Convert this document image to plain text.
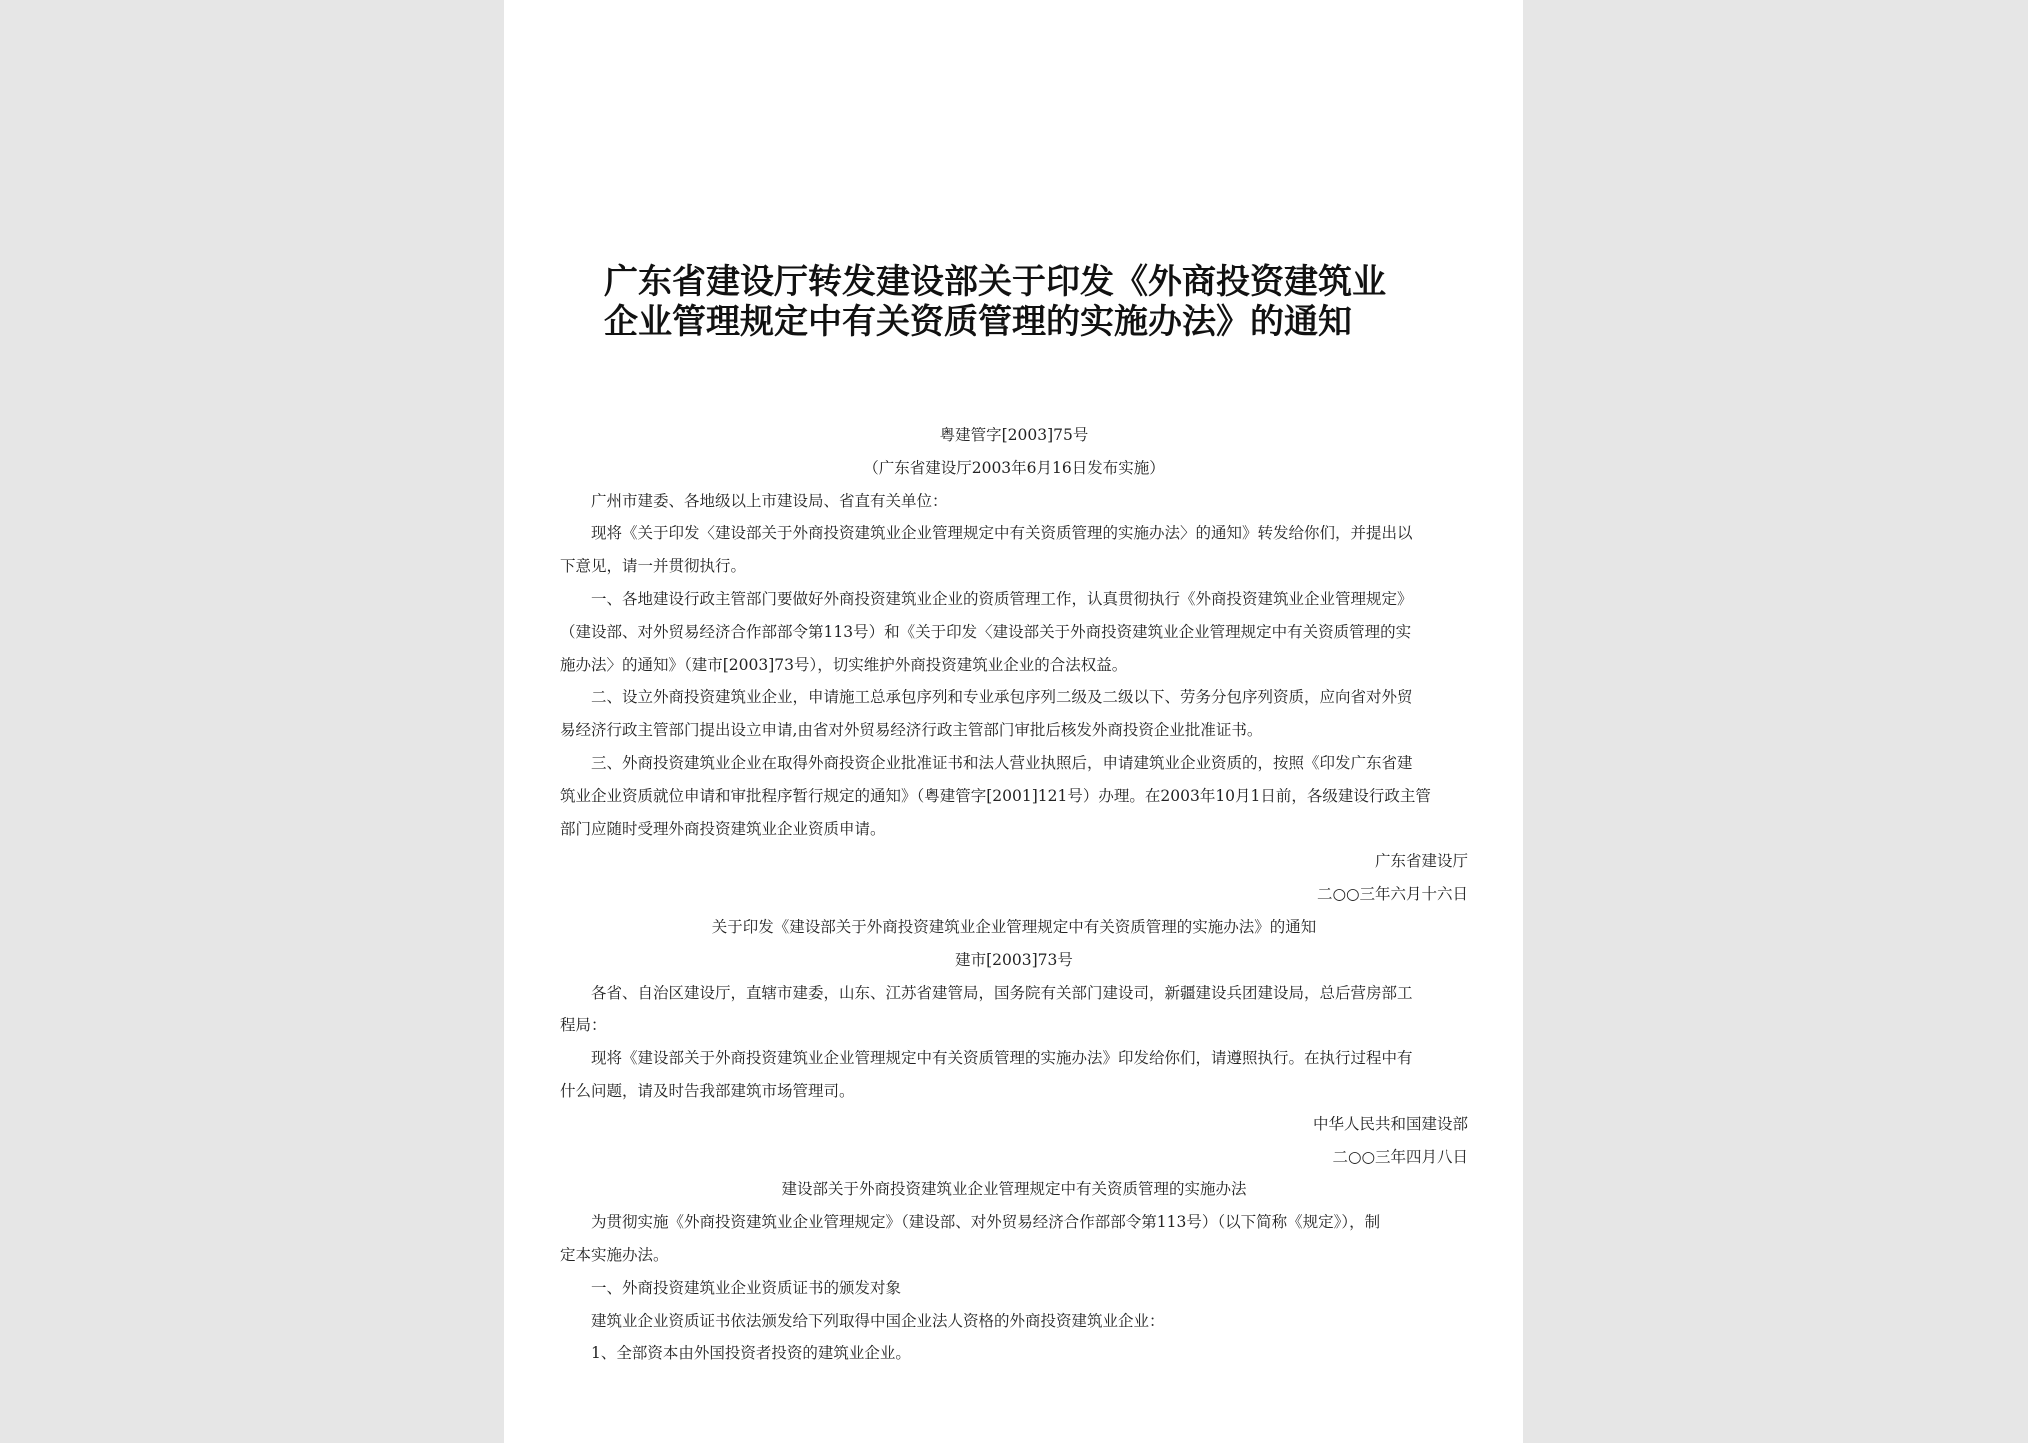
广东省建设厅转发建设部关于印发《外商投资建筑业
企业管理规定中有关资质管理的实施办法》的通知

粤建管字[2003]75号

（广东省建设厅2003年6月16日发布实施）

广州市建委、各地级以上市建设局、省直有关单位：

现将《关于印发〈建设部关于外商投资建筑业企业管理规定中有关资质管理的实施办法〉的通知》转发给你们，并提出以

下意见，请一并贯彻执行。

一、各地建设行政主管部门要做好外商投资建筑业企业的资质管理工作，认真贯彻执行《外商投资建筑业企业管理规定》

（建设部、对外贸易经济合作部部令第113号）和《关于印发〈建设部关于外商投资建筑业企业管理规定中有关资质管理的实

施办法〉的通知》（建市[2003]73号），切实维护外商投资建筑业企业的合法权益。

二、设立外商投资建筑业企业，申请施工总承包序列和专业承包序列二级及二级以下、劳务分包序列资质，应向省对外贸

易经济行政主管部门提出设立申请,由省对外贸易经济行政主管部门审批后核发外商投资企业批准证书。

三、外商投资建筑业企业在取得外商投资企业批准证书和法人营业执照后，申请建筑业企业资质的，按照《印发广东省建

筑业企业资质就位申请和审批程序暂行规定的通知》（粤建管字[2001]121号）办理。在2003年10月1日前，各级建设行政主管

部门应随时受理外商投资建筑业企业资质申请。

广东省建设厅

二○○三年六月十六日

关于印发《建设部关于外商投资建筑业企业管理规定中有关资质管理的实施办法》的通知

建市[2003]73号

各省、自治区建设厅，直辖市建委，山东、江苏省建管局，国务院有关部门建设司，新疆建设兵团建设局，总后营房部工

程局：

现将《建设部关于外商投资建筑业企业管理规定中有关资质管理的实施办法》印发给你们，请遵照执行。在执行过程中有

什么问题，请及时告我部建筑市场管理司。

中华人民共和国建设部

二○○三年四月八日

建设部关于外商投资建筑业企业管理规定中有关资质管理的实施办法

为贯彻实施《外商投资建筑业企业管理规定》（建设部、对外贸易经济合作部部令第113号）（以下简称《规定》），制

定本实施办法。

一、外商投资建筑业企业资质证书的颁发对象

建筑业企业资质证书依法颁发给下列取得中国企业法人资格的外商投资建筑业企业：

1、全部资本由外国投资者投资的建筑业企业。
